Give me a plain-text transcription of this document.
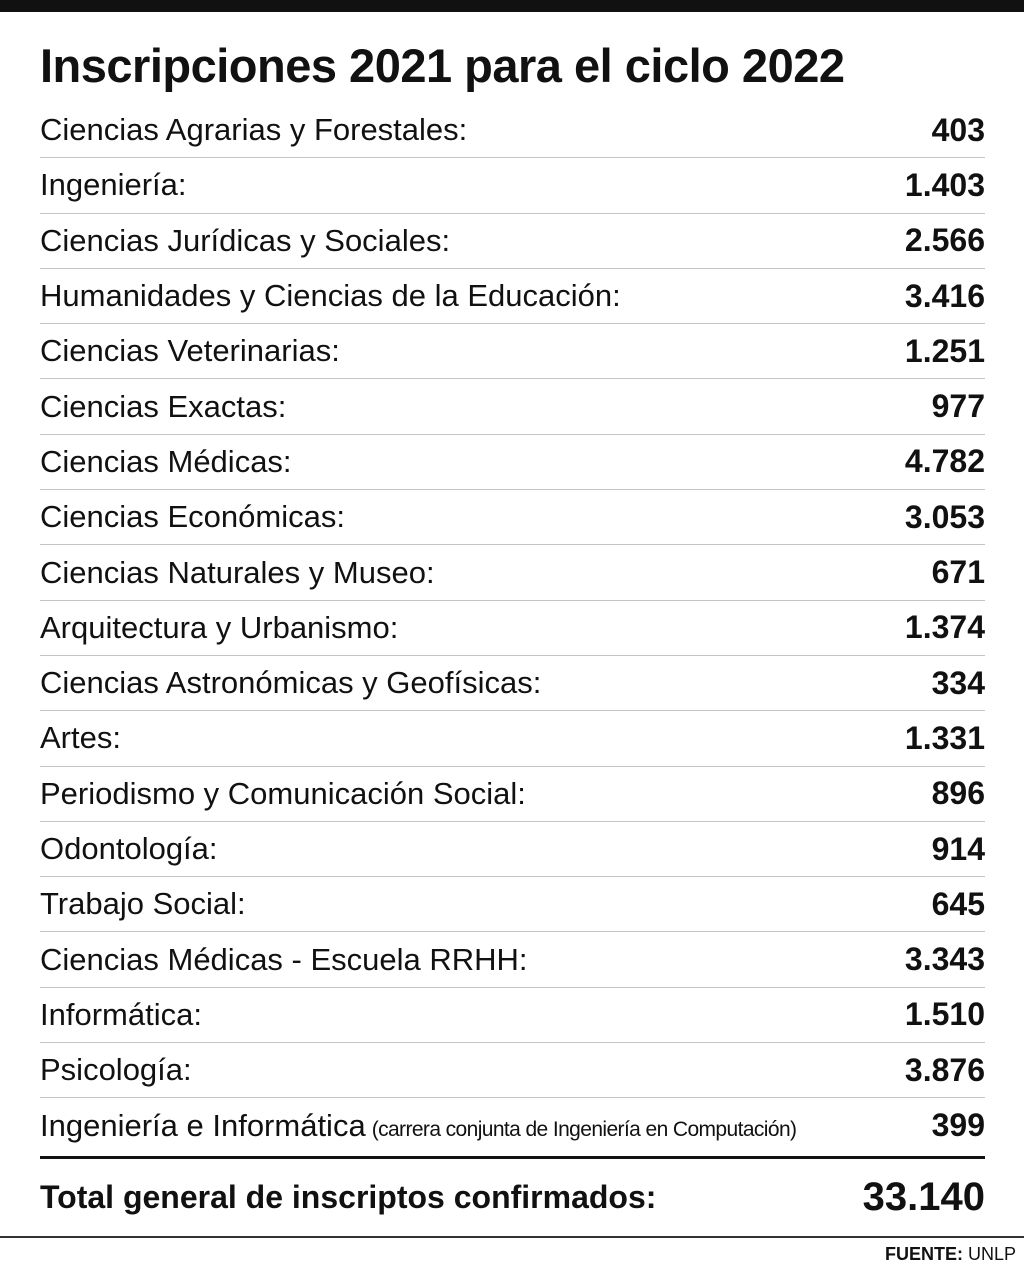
Inscripciones 2021 para el ciclo 2022
Ciencias Agrarias y Forestales:	403
Ingeniería:	1.403
Ciencias Jurídicas y Sociales:	2.566
Humanidades y Ciencias de la Educación:	3.416
Ciencias Veterinarias:	1.251
Ciencias Exactas:	977
Ciencias Médicas:	4.782
Ciencias Económicas:	3.053
Ciencias Naturales y Museo:	671
Arquitectura y Urbanismo:	1.374
Ciencias Astronómicas y Geofísicas:	334
Artes:	1.331
Periodismo y Comunicación Social:	896
Odontología:	914
Trabajo Social:	645
Ciencias Médicas - Escuela RRHH:	3.343
Informática:	1.510
Psicología:	3.876
Ingeniería e Informática (carrera conjunta de Ingeniería en Computación)	399
Total general de inscriptos confirmados:	33.140
FUENTE: UNLP
